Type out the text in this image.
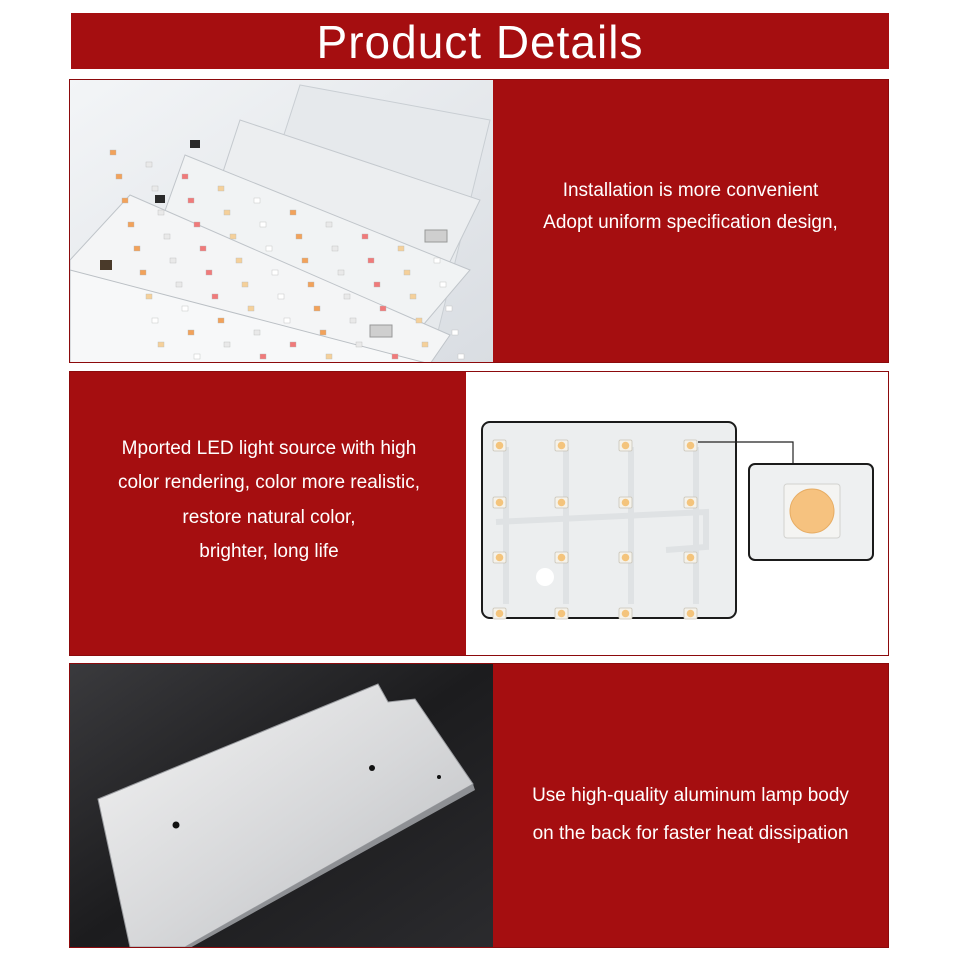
Product Details
Installation is more convenient
Adopt uniform specification design,
Mported LED light source with high
color rendering, color more realistic,
restore natural color,
brighter, long life
Use high-quality aluminum lamp body
on the back for faster heat dissipation
